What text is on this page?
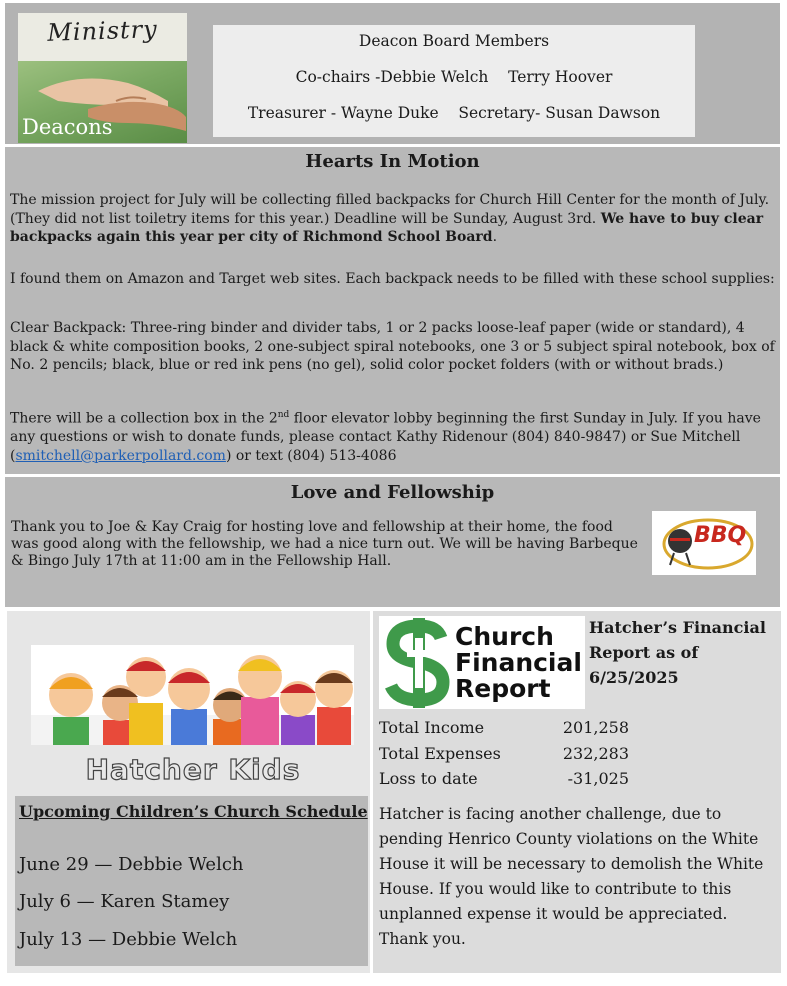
Ministry
Deacons
Deacon Board Members
Co-chairs -Debbie Welch    Terry Hoover
Treasurer - Wayne Duke    Secretary- Susan Dawson
Hearts In Motion
The mission project for July will be collecting filled backpacks for Church Hill Center for the month of July. (They did not list toiletry items for this year.) Deadline will be Sunday, August 3rd. We have to buy clear backpacks again this year per city of Richmond School Board.
I found them on Amazon and Target web sites. Each backpack needs to be filled with these school supplies:
Clear Backpack: Three-ring binder and divider tabs, 1 or 2 packs loose-leaf paper (wide or standard), 4 black & white composition books, 2 one-subject spiral notebooks, one 3 or 5 subject spiral notebook, box of No. 2 pencils; black, blue or red ink pens (no gel), solid color pocket folders (with or without brads.)
There will be a collection box in the 2nd floor elevator lobby beginning the first Sunday in July. If you have any questions or wish to donate funds, please contact Kathy Ridenour (804) 840-9847) or Sue Mitchell (smitchell@parkerpollard.com) or text (804) 513-4086
Love and Fellowship
Thank you to Joe & Kay Craig for hosting love and fellowship at their home, the food was good along with the fellowship, we had a nice turn out. We will be having Barbeque & Bingo July 17th at 11:00 am in the Fellowship Hall.
BBQ
Hatcher Kids
Upcoming Children’s Church Schedule
June 29 — Debbie Welch
July 6 — Karen Stamey
July 13 — Debbie Welch
Church
Financial
Report
Hatcher’s Financial Report as of 6/25/2025
Total Income	201,258
Total Expenses	232,283
Loss to date	-31,025
Hatcher is facing another challenge, due to pending Henrico County violations on the White House it will be necessary to demolish the White House. If you would like to contribute to this unplanned expense it would be appreciated. Thank you.
